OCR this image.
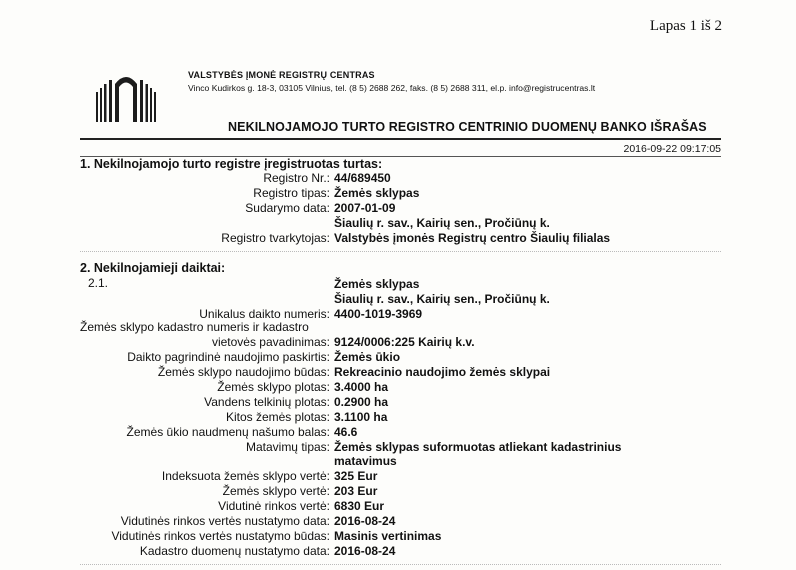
Lapas 1 iš 2
VALSTYBĖS ĮMONĖ REGISTRŲ CENTRAS
Vinco Kudirkos g. 18-3, 03105 Vilnius, tel. (8 5) 2688 262, faks. (8 5) 2688 311, el.p. info@registrucentras.lt
NEKILNOJAMOJO TURTO REGISTRO CENTRINIO DUOMENŲ BANKO IŠRAŠAS
2016-09-22 09:17:05
1. Nekilnojamojo turto registre įregistruotas turtas:
Registro Nr.: 44/689450
Registro tipas: Žemės sklypas
Sudarymo data: 2007-01-09
Šiaulių r. sav., Kairių sen., Pročiūnų k.
Registro tvarkytojas: Valstybės įmonės Registrų centro Šiaulių filialas
2. Nekilnojamieji daiktai:
2.1.	Žemės sklypas
Šiaulių r. sav., Kairių sen., Pročiūnų k.
Unikalus daikto numeris: 4400-1019-3969
Žemės sklypo kadastro numeris ir kadastro
vietovės pavadinimas: 9124/0006:225 Kairių k.v.
Daikto pagrindinė naudojimo paskirtis: Žemės ūkio
Žemės sklypo naudojimo būdas: Rekreacinio naudojimo žemės sklypai
Žemės sklypo plotas: 3.4000 ha
Vandens telkinių plotas: 0.2900 ha
Kitos žemės plotas: 3.1100 ha
Žemės ūkio naudmenų našumo balas: 46.6
Matavimų tipas: Žemės sklypas suformuotas atliekant kadastrinius
matavimus
Indeksuota žemės sklypo vertė: 325 Eur
Žemės sklypo vertė: 203 Eur
Vidutinė rinkos vertė: 6830 Eur
Vidutinės rinkos vertės nustatymo data: 2016-08-24
Vidutinės rinkos vertės nustatymo būdas: Masinis vertinimas
Kadastro duomenų nustatymo data: 2016-08-24
